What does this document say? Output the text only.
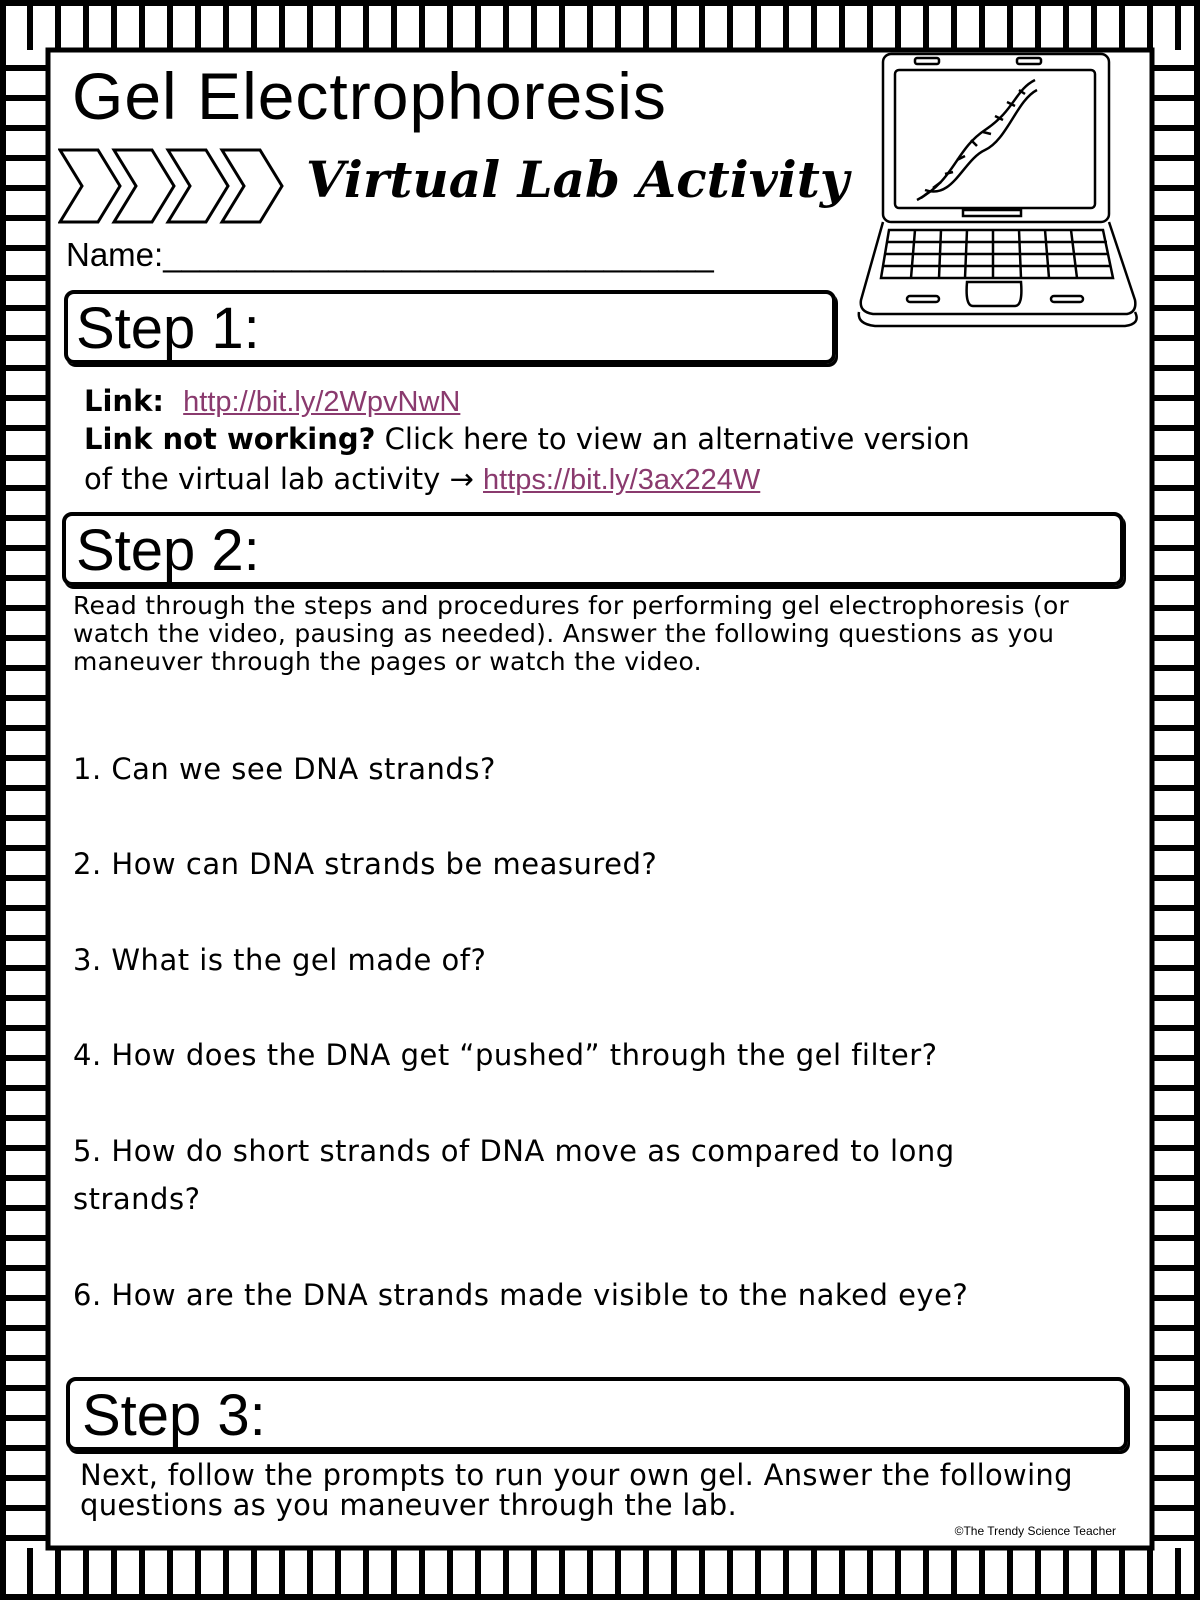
Gel Electrophoresis
Virtual Lab Activity
Name:______________________________
Step 1:
Link: http://bit.ly/2WpvNwN
Link not working? Click here to view an alternative version
of the virtual lab activity → https://bit.ly/3ax224W
Step 2:
Read through the steps and procedures for performing gel electrophoresis (or watch the video, pausing as needed). Answer the following questions as you maneuver through the pages or watch the video.
1. Can we see DNA strands?
2. How can DNA strands be measured?
3. What is the gel made of?
4. How does the DNA get “pushed” through the gel filter?
5. How do short strands of DNA move as compared to long strands?
6. How are the DNA strands made visible to the naked eye?
Step 3:
Next, follow the prompts to run your own gel. Answer the following questions as you maneuver through the lab.
©The Trendy Science Teacher
